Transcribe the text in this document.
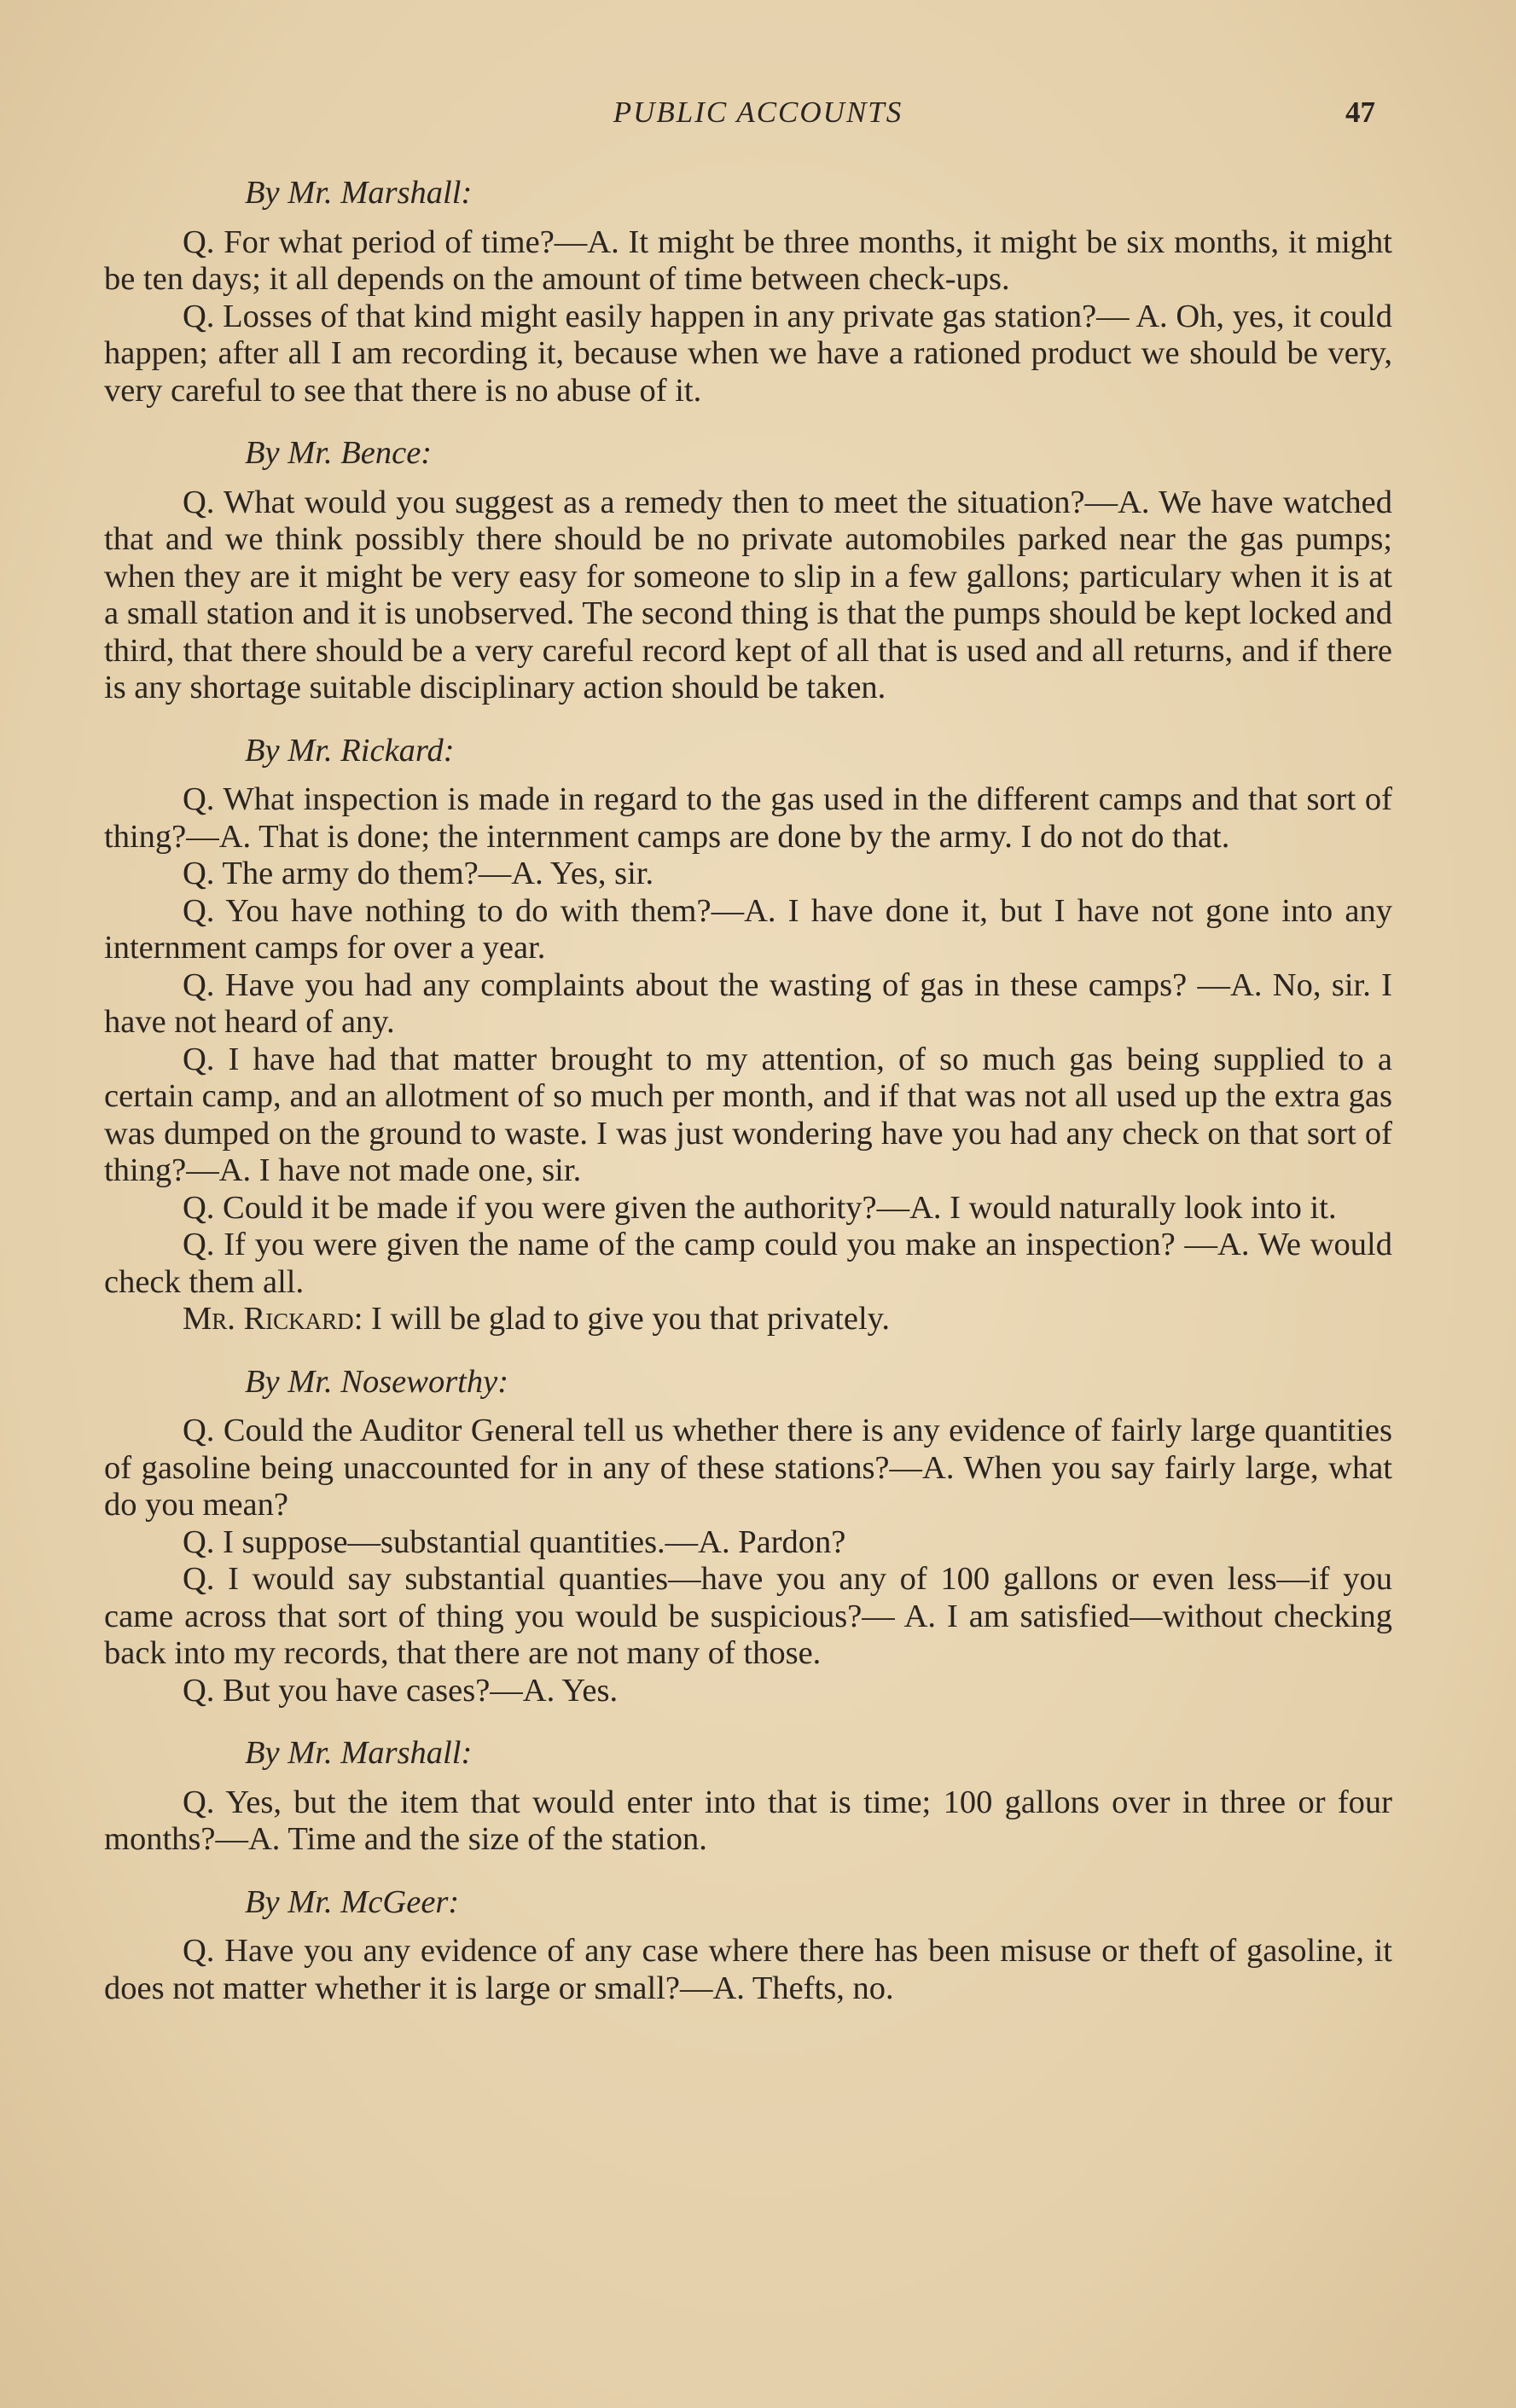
PUBLIC ACCOUNTS	47

By Mr. Marshall:

Q. For what period of time?—A. It might be three months, it might be six months, it might be ten days; it all depends on the amount of time between check-ups.

Q. Losses of that kind might easily happen in any private gas station?— A. Oh, yes, it could happen; after all I am recording it, because when we have a rationed product we should be very, very careful to see that there is no abuse of it.

By Mr. Bence:

Q. What would you suggest as a remedy then to meet the situation?—A. We have watched that and we think possibly there should be no private automobiles parked near the gas pumps; when they are it might be very easy for someone to slip in a few gallons; particulary when it is at a small station and it is unobserved. The second thing is that the pumps should be kept locked and third, that there should be a very careful record kept of all that is used and all returns, and if there is any shortage suitable disciplinary action should be taken.

By Mr. Rickard:

Q. What inspection is made in regard to the gas used in the different camps and that sort of thing?—A. That is done; the internment camps are done by the army. I do not do that.

Q. The army do them?—A. Yes, sir.

Q. You have nothing to do with them?—A. I have done it, but I have not gone into any internment camps for over a year.

Q. Have you had any complaints about the wasting of gas in these camps? —A. No, sir. I have not heard of any.

Q. I have had that matter brought to my attention, of so much gas being supplied to a certain camp, and an allotment of so much per month, and if that was not all used up the extra gas was dumped on the ground to waste. I was just wondering have you had any check on that sort of thing?—A. I have not made one, sir.

Q. Could it be made if you were given the authority?—A. I would naturally look into it.

Q. If you were given the name of the camp could you make an inspection? —A. We would check them all.

Mr. Rickard: I will be glad to give you that privately.

By Mr. Noseworthy:

Q. Could the Auditor General tell us whether there is any evidence of fairly large quantities of gasoline being unaccounted for in any of these stations?—A. When you say fairly large, what do you mean?

Q. I suppose—substantial quantities.—A. Pardon?

Q. I would say substantial quanties—have you any of 100 gallons or even less—if you came across that sort of thing you would be suspicious?— A. I am satisfied—without checking back into my records, that there are not many of those.

Q. But you have cases?—A. Yes.

By Mr. Marshall:

Q. Yes, but the item that would enter into that is time; 100 gallons over in three or four months?—A. Time and the size of the station.

By Mr. McGeer:

Q. Have you any evidence of any case where there has been misuse or theft of gasoline, it does not matter whether it is large or small?—A. Thefts, no.
